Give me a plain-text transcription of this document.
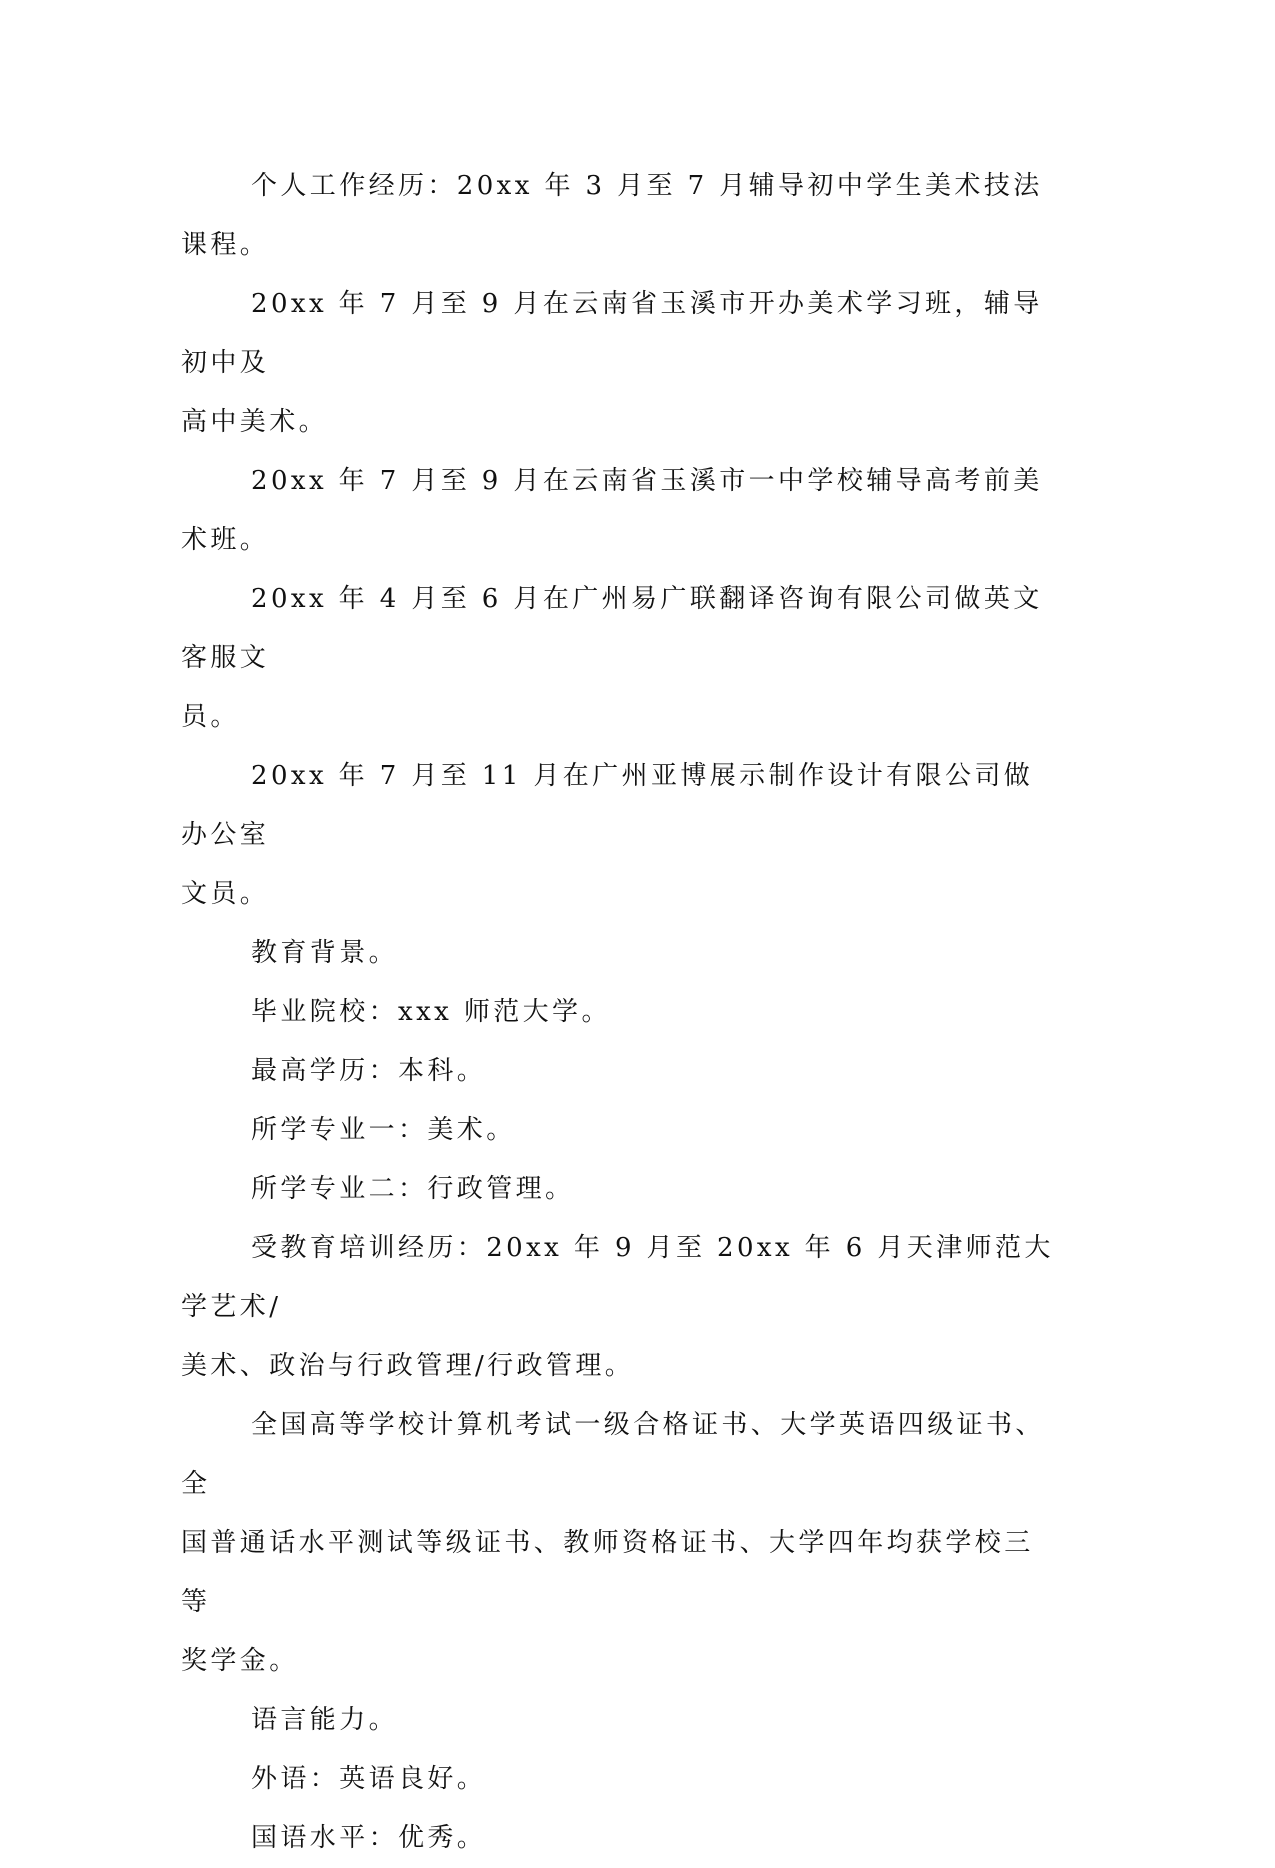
个人工作经历：20xx 年 3 月至 7 月辅导初中学生美术技法课程。
20xx 年 7 月至 9 月在云南省玉溪市开办美术学习班，辅导初中及
高中美术。
20xx 年 7 月至 9 月在云南省玉溪市一中学校辅导高考前美术班。
20xx 年 4 月至 6 月在广州易广联翻译咨询有限公司做英文客服文
员。
20xx 年 7 月至 11 月在广州亚博展示制作设计有限公司做办公室
文员。
教育背景。
毕业院校：xxx 师范大学。
最高学历：本科。
所学专业一：美术。
所学专业二：行政管理。
受教育培训经历：20xx 年 9 月至 20xx 年 6 月天津师范大学艺术/
美术、政治与行政管理/行政管理。
全国高等学校计算机考试一级合格证书、大学英语四级证书、全
国普通话水平测试等级证书、教师资格证书、大学四年均获学校三等
奖学金。
语言能力。
外语：英语良好。
国语水平：优秀。
